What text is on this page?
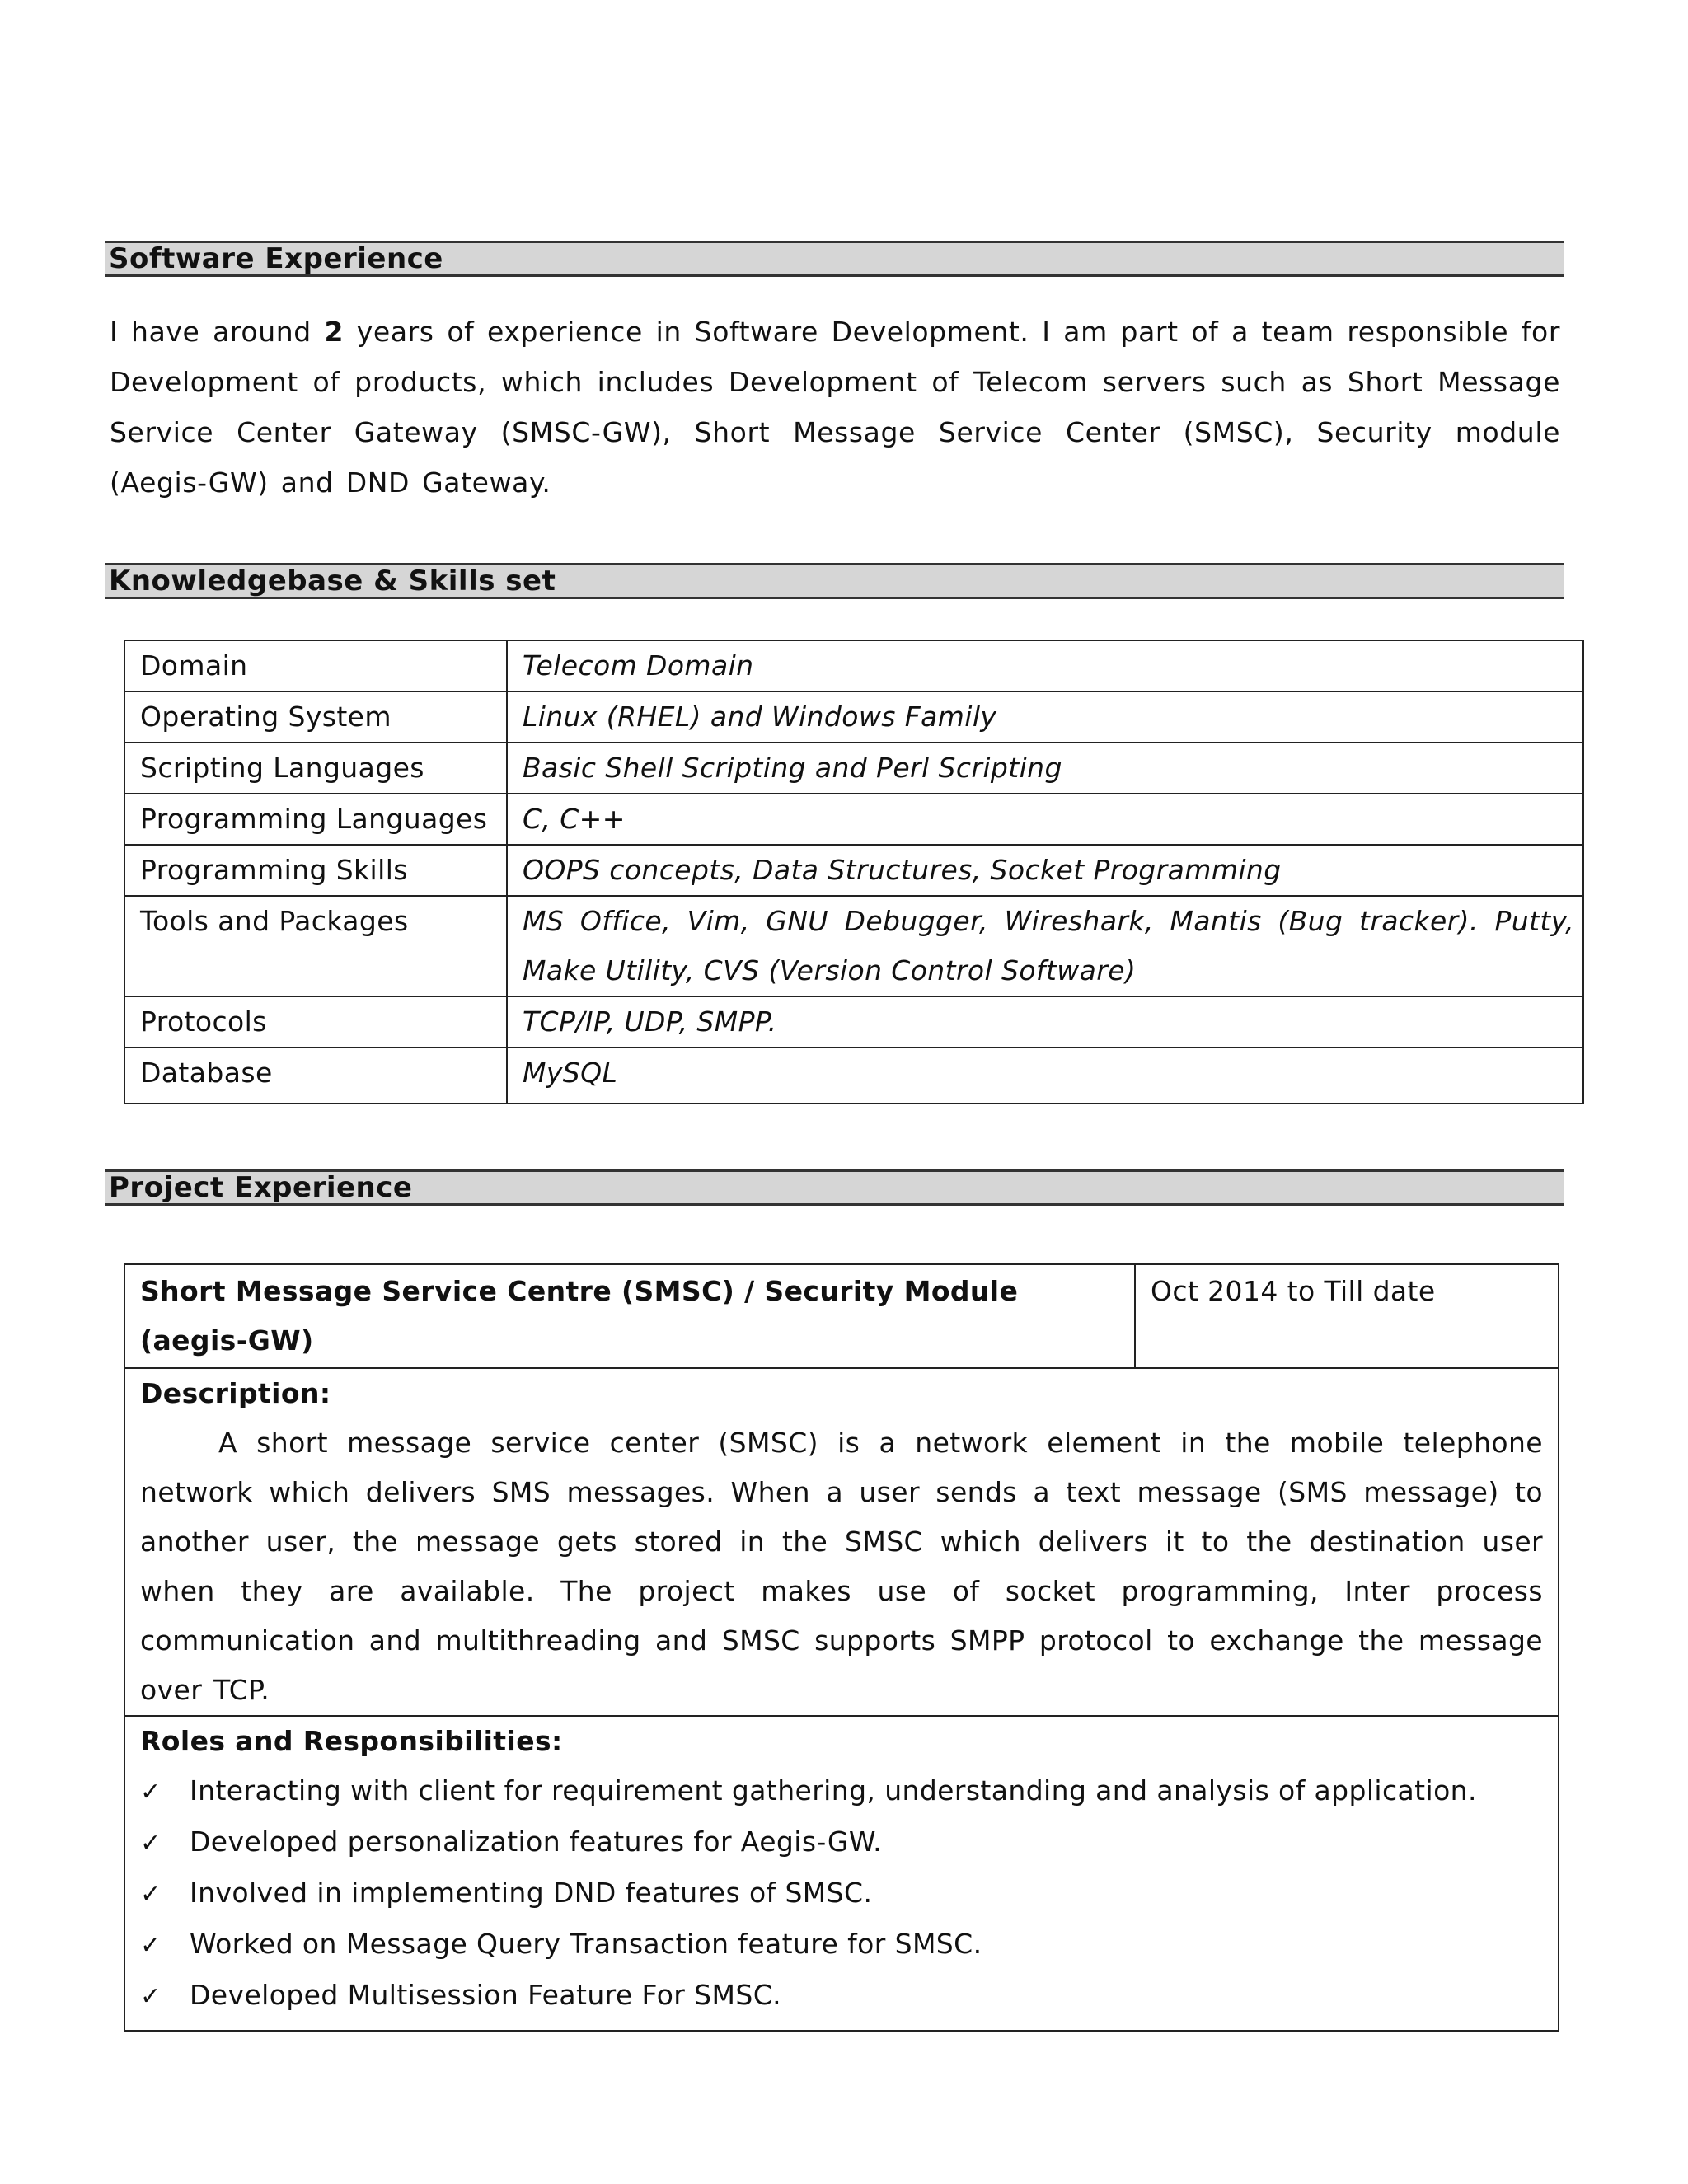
Software Experience
I have around 2 years of experience in Software Development. I am part of a team responsible for Development of products, which includes Development of Telecom servers such as Short Message Service Center Gateway (SMSC-GW), Short Message Service Center (SMSC), Security module (Aegis-GW) and DND Gateway.
Knowledgebase & Skills set
Domain	Telecom Domain
Operating System	Linux (RHEL) and Windows Family
Scripting Languages	Basic Shell Scripting and Perl Scripting
Programming Languages	C, C++
Programming Skills	OOPS concepts, Data Structures, Socket Programming
Tools and Packages	MS Office, Vim, GNU Debugger, Wireshark, Mantis (Bug tracker). Putty, Make Utility, CVS (Version Control Software)
Protocols	TCP/IP, UDP, SMPP.
Database	MySQL
Project Experience
Short Message Service Centre (SMSC) / Security Module (aegis-GW)	Oct 2014 to Till date

Description:
A short message service center (SMSC) is a network element in the mobile telephone network which delivers SMS messages. When a user sends a text message (SMS message) to another user, the message gets stored in the SMSC which delivers it to the destination user when they are available. The project makes use of socket programming, Inter process communication and multithreading and SMSC supports SMPP protocol to exchange the message over TCP.

Roles and Responsibilities:
✓	Interacting with client for requirement gathering, understanding and analysis of application.
✓	Developed personalization features for Aegis-GW.
✓	Involved in implementing DND features of SMSC.
✓	Worked on Message Query Transaction feature for SMSC.
✓	Developed Multisession Feature For SMSC.
